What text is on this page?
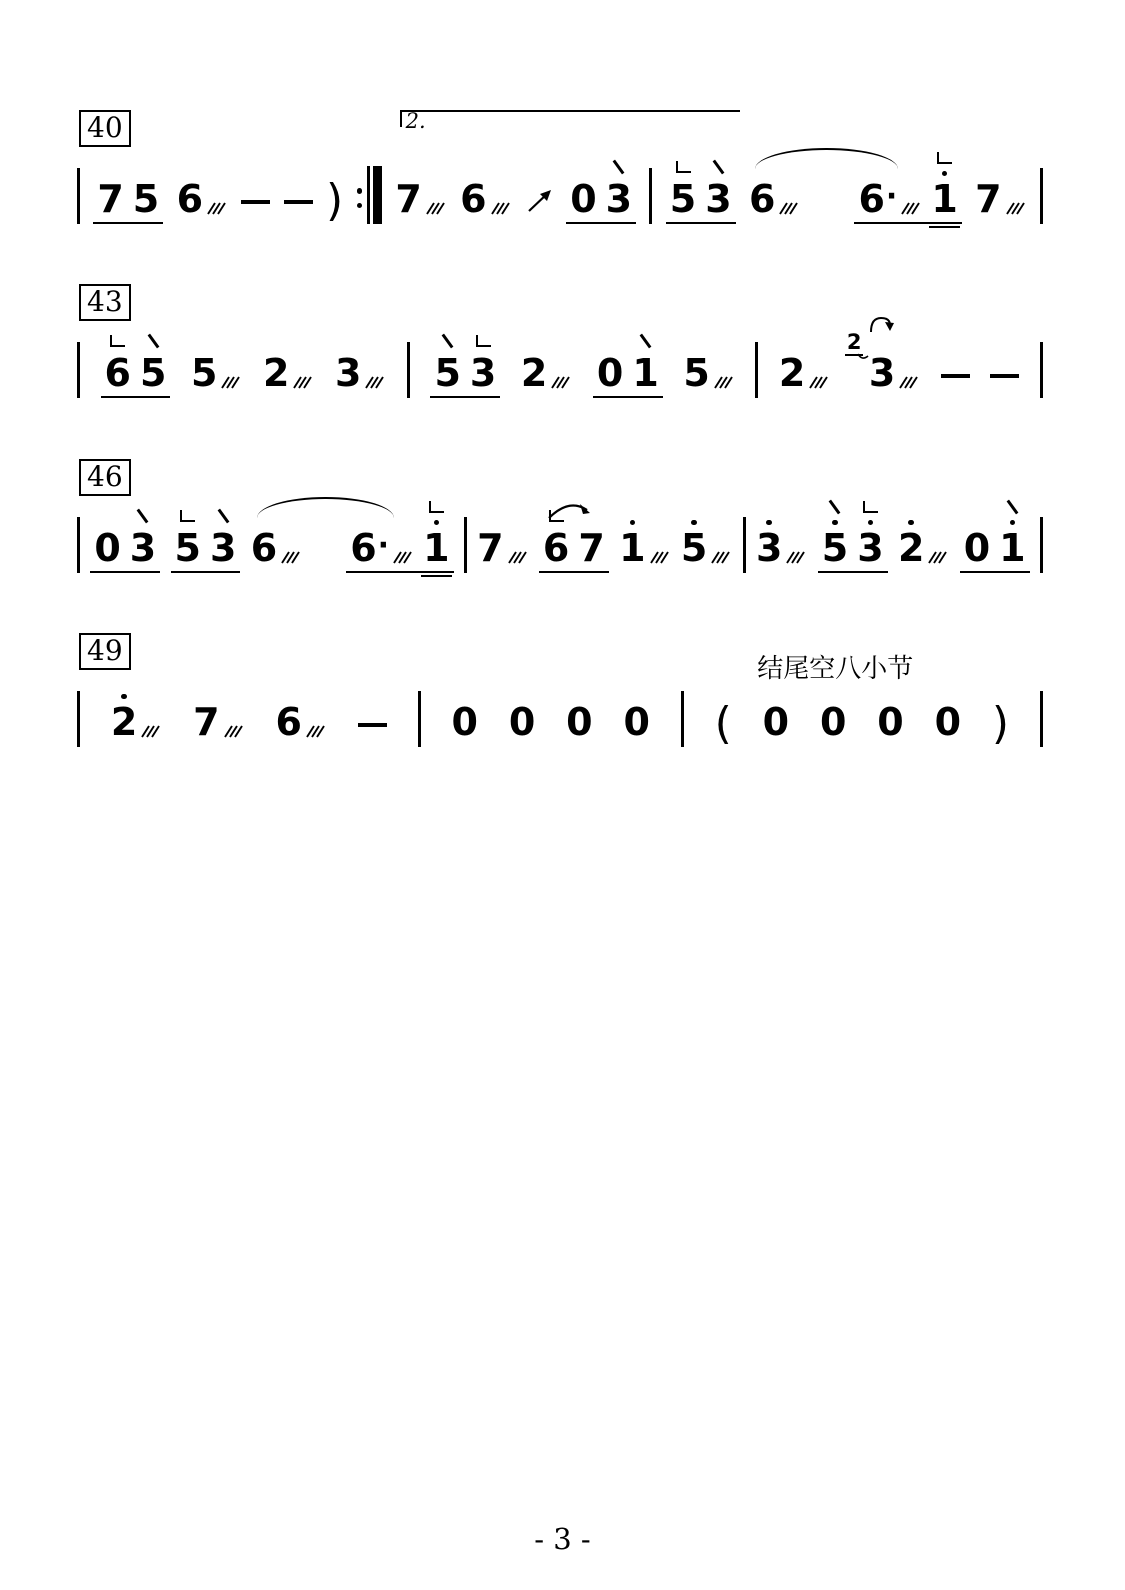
2.
40
7 5 6	) 7 6 0 3 5 3 6 6 · 1 7
43
6 5 5 2 3 5 3 2 0 1 5 2
2
3
46
0 3 5 3 6 6 · 1 7 6 7 1 5 3 5 3 2 0 1
结尾空八小节
49
2 7 6	0 0 0 0 ( 0 0 0 0 )
- 3 -
